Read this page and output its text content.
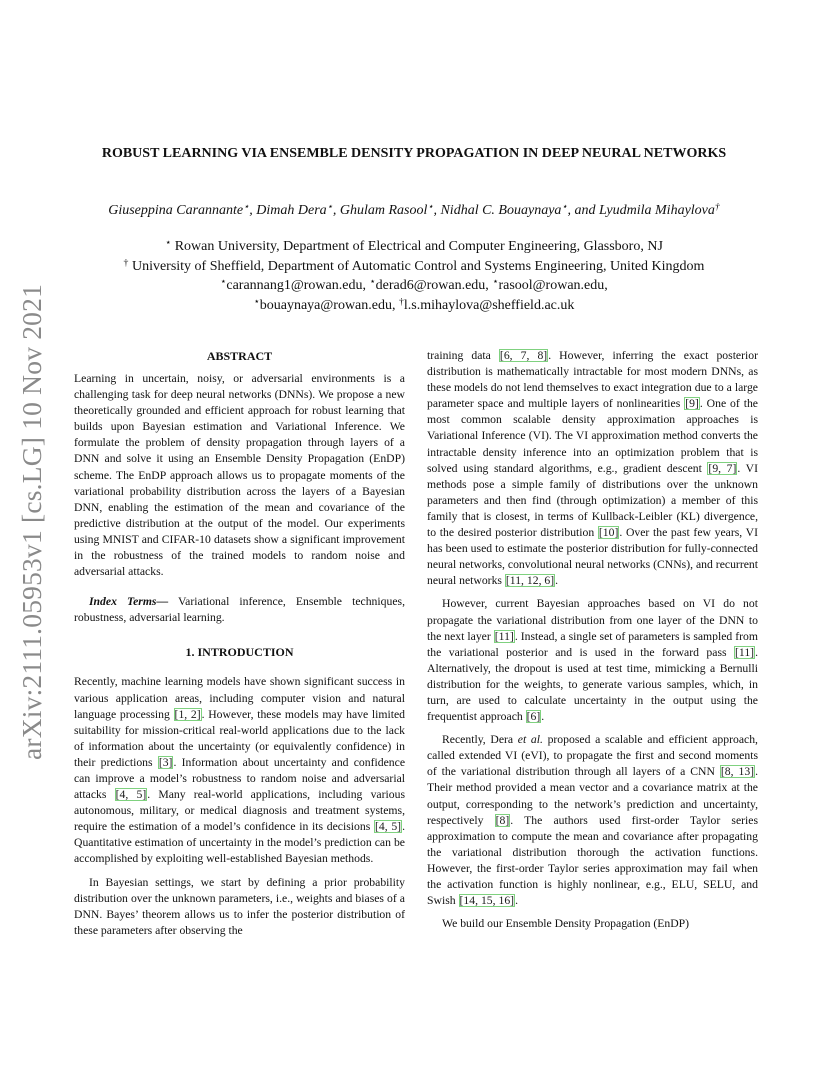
arXiv:2111.05953v1 [cs.LG] 10 Nov 2021
ROBUST LEARNING VIA ENSEMBLE DENSITY PROPAGATION IN DEEP NEURAL NETWORKS
Giuseppina Carannante⋆, Dimah Dera⋆, Ghulam Rasool⋆, Nidhal C. Bouaynaya⋆, and Lyudmila Mihaylova†
⋆ Rowan University, Department of Electrical and Computer Engineering, Glassboro, NJ
† University of Sheffield, Department of Automatic Control and Systems Engineering, United Kingdom
⋆carannang1@rowan.edu, ⋆derad6@rowan.edu, ⋆rasool@rowan.edu,
⋆bouaynaya@rowan.edu, †l.s.mihaylova@sheffield.ac.uk
ABSTRACT

Learning in uncertain, noisy, or adversarial environments is a challenging task for deep neural networks (DNNs). We propose a new theoretically grounded and efficient approach for robust learning that builds upon Bayesian estimation and Variational Inference. We formulate the problem of density propagation through layers of a DNN and solve it using an Ensemble Density Propagation (EnDP) scheme. The EnDP approach allows us to propagate moments of the variational probability distribution across the layers of a Bayesian DNN, enabling the estimation of the mean and covariance of the predictive distribution at the output of the model. Our experiments using MNIST and CIFAR-10 datasets show a significant improvement in the robustness of the trained models to random noise and adversarial attacks.

Index Terms— Variational inference, Ensemble techniques, robustness, adversarial learning.

1. INTRODUCTION

Recently, machine learning models have shown significant success in various application areas, including computer vision and natural language processing [1, 2]. However, these models may have limited suitability for mission-critical real-world applications due to the lack of information about the uncertainty (or equivalently confidence) in their predictions [3]. Information about uncertainty and confidence can improve a model’s robustness to random noise and adversarial attacks [4, 5]. Many real-world applications, including various autonomous, military, or medical diagnosis and treatment systems, require the estimation of a model’s confidence in its decisions [4, 5]. Quantitative estimation of uncertainty in the model’s prediction can be accomplished by exploiting well-established Bayesian methods.

In Bayesian settings, we start by defining a prior probability distribution over the unknown parameters, i.e., weights and biases of a DNN. Bayes’ theorem allows us to infer the posterior distribution of these parameters after observing the

training data [6, 7, 8]. However, inferring the exact posterior distribution is mathematically intractable for most modern DNNs, as these models do not lend themselves to exact integration due to a large parameter space and multiple layers of nonlinearities [9]. One of the most common scalable density approximation approaches is Variational Inference (VI). The VI approximation method converts the intractable density inference into an optimization problem that is solved using standard algorithms, e.g., gradient descent [9, 7]. VI methods pose a simple family of distributions over the unknown parameters and then find (through optimization) a member of this family that is closest, in terms of Kullback-Leibler (KL) divergence, to the desired posterior distribution [10]. Over the past few years, VI has been used to estimate the posterior distribution for fully-connected neural networks, convolutional neural networks (CNNs), and recurrent neural networks [11, 12, 6].

However, current Bayesian approaches based on VI do not propagate the variational distribution from one layer of the DNN to the next layer [11]. Instead, a single set of parameters is sampled from the variational posterior and is used in the forward pass [11]. Alternatively, the dropout is used at test time, mimicking a Bernulli distribution for the weights, to generate various samples, which, in turn, are used to calculate uncertainty in the output using the frequentist approach [6].

Recently, Dera et al. proposed a scalable and efficient approach, called extended VI (eVI), to propagate the first and second moments of the variational distribution through all layers of a CNN [8, 13]. Their method provided a mean vector and a covariance matrix at the output, corresponding to the network’s prediction and uncertainty, respectively [8]. The authors used first-order Taylor series approximation to compute the mean and covariance after propagating the variational distribution thorough the activation functions. However, the first-order Taylor series approximation may fail when the activation function is highly nonlinear, e.g., ELU, SELU, and Swish [14, 15, 16].

We build our Ensemble Density Propagation (EnDP)
